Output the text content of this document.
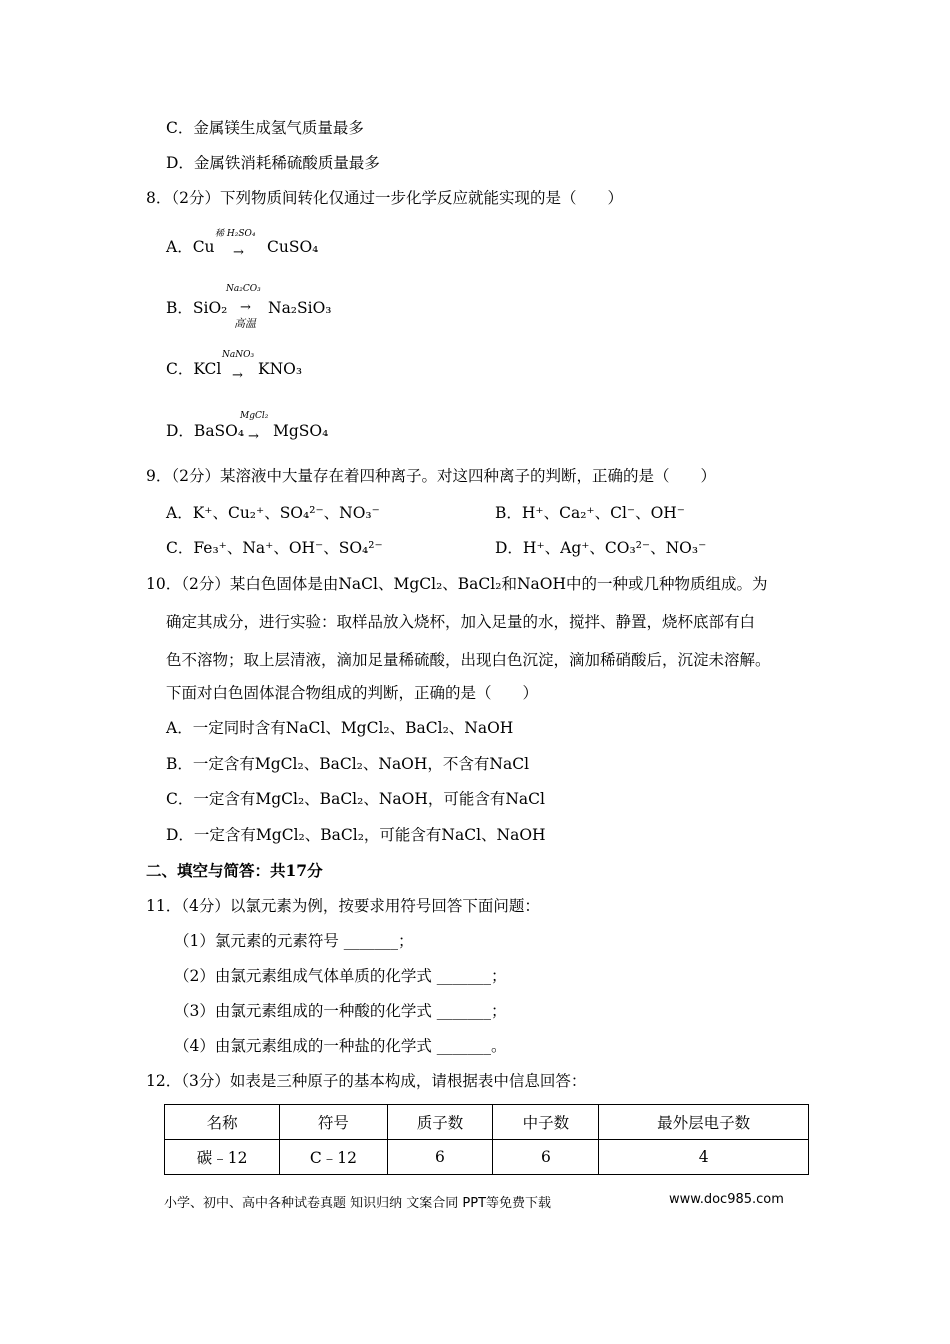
C．金属镁生成氢气质量最多
D．金属铁消耗稀硫酸质量最多
8．（2分）下列物质间转化仅通过一步化学反应就能实现的是（　　）
A．Cu
稀 H₂SO₄
→ CuSO₄
B．SiO₂
Na₂CO₃
→
高温
Na₂SiO₃
C．KCl
NaNO₃
→ KNO₃
D．BaSO₄
MgCl₂
→ MgSO₄
9．（2分）某溶液中大量存在着四种离子。对这四种离子的判断，正确的是（　　）
A．K⁺、Cu₂⁺、SO₄²⁻、NO₃⁻	B．H⁺、Ca₂⁺、Cl⁻、OH⁻
C．Fe₃⁺、Na⁺、OH⁻、SO₄²⁻	D．H⁺、Ag⁺、CO₃²⁻、NO₃⁻
10．（2分）某白色固体是由NaCl、MgCl₂、BaCl₂和NaOH中的一种或几种物质组成。为
确定其成分，进行实验：取样品放入烧杯，加入足量的水，搅拌、静置，烧杯底部有白
色不溶物；取上层清液，滴加足量稀硫酸，出现白色沉淀，滴加稀硝酸后，沉淀未溶解。
下面对白色固体混合物组成的判断，正确的是（　　）
A．一定同时含有NaCl、MgCl₂、BaCl₂、NaOH
B．一定含有MgCl₂、BaCl₂、NaOH，不含有NaCl
C．一定含有MgCl₂、BaCl₂、NaOH，可能含有NaCl
D．一定含有MgCl₂、BaCl₂，可能含有NaCl、NaOH
二、填空与简答：共17分
11．（4分）以氯元素为例，按要求用符号回答下面问题：
（1）氯元素的元素符号 _______；
（2）由氯元素组成气体单质的化学式 _______；
（3）由氯元素组成的一种酸的化学式 _______；
（4）由氯元素组成的一种盐的化学式 _______。
12．（3分）如表是三种原子的基本构成，请根据表中信息回答：
名称	符号	质子数	中子数	最外层电子数
碳﹣12	C﹣12	6	6	4
小学、初中、高中各种试卷真题 知识归纳 文案合同 PPT等免费下载	www.doc985.com
